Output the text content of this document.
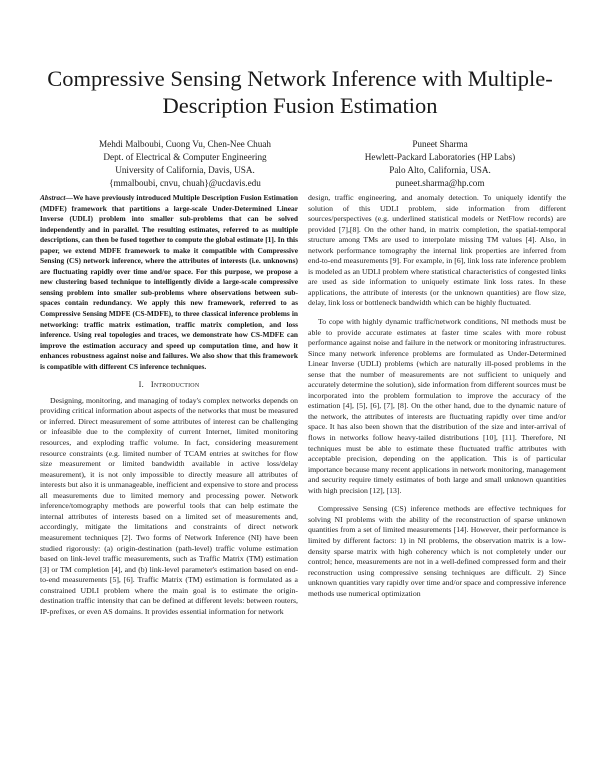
Compressive Sensing Network Inference with Multiple-Description Fusion Estimation
Mehdi Malboubi, Cuong Vu, Chen-Nee Chuah
Dept. of Electrical & Computer Engineering
University of California, Davis, USA.
{mmalboubi, cnvu, chuah}@ucdavis.edu
Puneet Sharma
Hewlett-Packard Laboratories (HP Labs)
Palo Alto, California, USA.
puneet.sharma@hp.com

Abstract—We have previously introduced Multiple Description Fusion Estimation (MDFE) framework that partitions a large-scale Under-Determined Linear Inverse (UDLI) problem into smaller sub-problems that can be solved independently and in parallel. The resulting estimates, referred to as multiple descriptions, can then be fused together to compute the global estimate [1]. In this paper, we extend MDFE framework to make it compatible with Compressive Sensing (CS) network inference, where the attributes of interests (i.e. unknowns) are fluctuating rapidly over time and/or space. For this purpose, we propose a new clustering based technique to intelligently divide a large-scale compressive sensing problem into smaller sub-problems where observations between sub-spaces contain redundancy. We apply this new framework, referred to as Compressive Sensing MDFE (CS-MDFE), to three classical inference problems in networking: traffic matrix estimation, traffic matrix completion, and loss inference. Using real topologies and traces, we demonstrate how CS-MDFE can improve the estimation accuracy and speed up computation time, and how it enhances robustness against noise and failures. We also show that this framework is compatible with different CS inference techniques.

I. Introduction

Designing, monitoring, and managing of today's complex networks depends on providing critical information about aspects of the networks that must be measured or inferred. Direct measurement of some attributes of interest can be challenging or infeasible due to the complexity of current Internet, limited monitoring resources, and exploding traffic volume. In fact, considering measurement resource constraints (e.g. limited number of TCAM entries at switches for flow size measurement or limited bandwidth available in active loss/delay measurement), it is not only impossible to directly measure all attributes of interests but also it is unmanageable, inefficient and expensive to store and process all measurements due to limited memory and processing power. Network inference/tomography methods are powerful tools that can help estimate the internal attributes of interests based on a limited set of measurements and, accordingly, mitigate the limitations and constraints of direct network measurement techniques [2]. Two forms of Network Inference (NI) have been studied rigorously: (a) origin-destination (path-level) traffic volume estimation based on link-level traffic measurements, such as Traffic Matrix (TM) estimation [3] or TM completion [4], and (b) link-level parameter's estimation based on end-to-end measurements [5], [6]. Traffic Matrix (TM) estimation is formulated as a constrained UDLI problem where the main goal is to estimate the origin-destination traffic intensity that can be defined at different levels: between routers, IP-prefixes, or even AS domains. It provides essential information for network

design, traffic engineering, and anomaly detection. To uniquely identify the solution of this UDLI problem, side information from different sources/perspectives (e.g. underlined statistical models or NetFlow records) are provided [7],[8]. On the other hand, in matrix completion, the spatial-temporal structure among TMs are used to interpolate missing TM values [4]. Also, in network performance tomography the internal link properties are inferred from end-to-end measurements [9]. For example, in [6], link loss rate inference problem is modeled as an UDLI problem where statistical characteristics of congested links are used as side information to uniquely estimate link loss rates. In these applications, the attribute of interests (or the unknown quantities) are flow size, delay, link loss or bottleneck bandwidth which can be highly fluctuated.

To cope with highly dynamic traffic/network conditions, NI methods must be able to provide accurate estimates at faster time scales with more robust performance against noise and failure in the network or monitoring infrastructures. Since many network inference problems are formulated as Under-Determined Linear Inverse (UDLI) problems (which are naturally ill-posed problems in the sense that the number of measurements are not sufficient to uniquely and accurately determine the solution), side information from different sources must be incorporated into the problem formulation to improve the accuracy of the estimation [4], [5], [6], [7], [8]. On the other hand, due to the dynamic nature of the network, the attributes of interests are fluctuating rapidly over time and/or space. It has also been shown that the distribution of the size and inter-arrival of flows in networks follow heavy-tailed distributions [10], [11]. Therefore, NI techniques must be able to estimate these fluctuated traffic attributes with acceptable precision, depending on the application. This is of particular importance because many recent applications in network monitoring, management and security require timely estimates of both large and small unknown quantities with high precision [12], [13].

Compressive Sensing (CS) inference methods are effective techniques for solving NI problems with the ability of the reconstruction of sparse unknown quantities from a set of limited measurements [14]. However, their performance is limited by different factors: 1) in NI problems, the observation matrix is a low-density sparse matrix with high coherency which is not completely under our control; hence, measurements are not in a well-defined compressed form and their reconstruction using compressive sensing techniques are difficult. 2) Since unknown quantities vary rapidly over time and/or space and compressive inference methods use numerical optimization
